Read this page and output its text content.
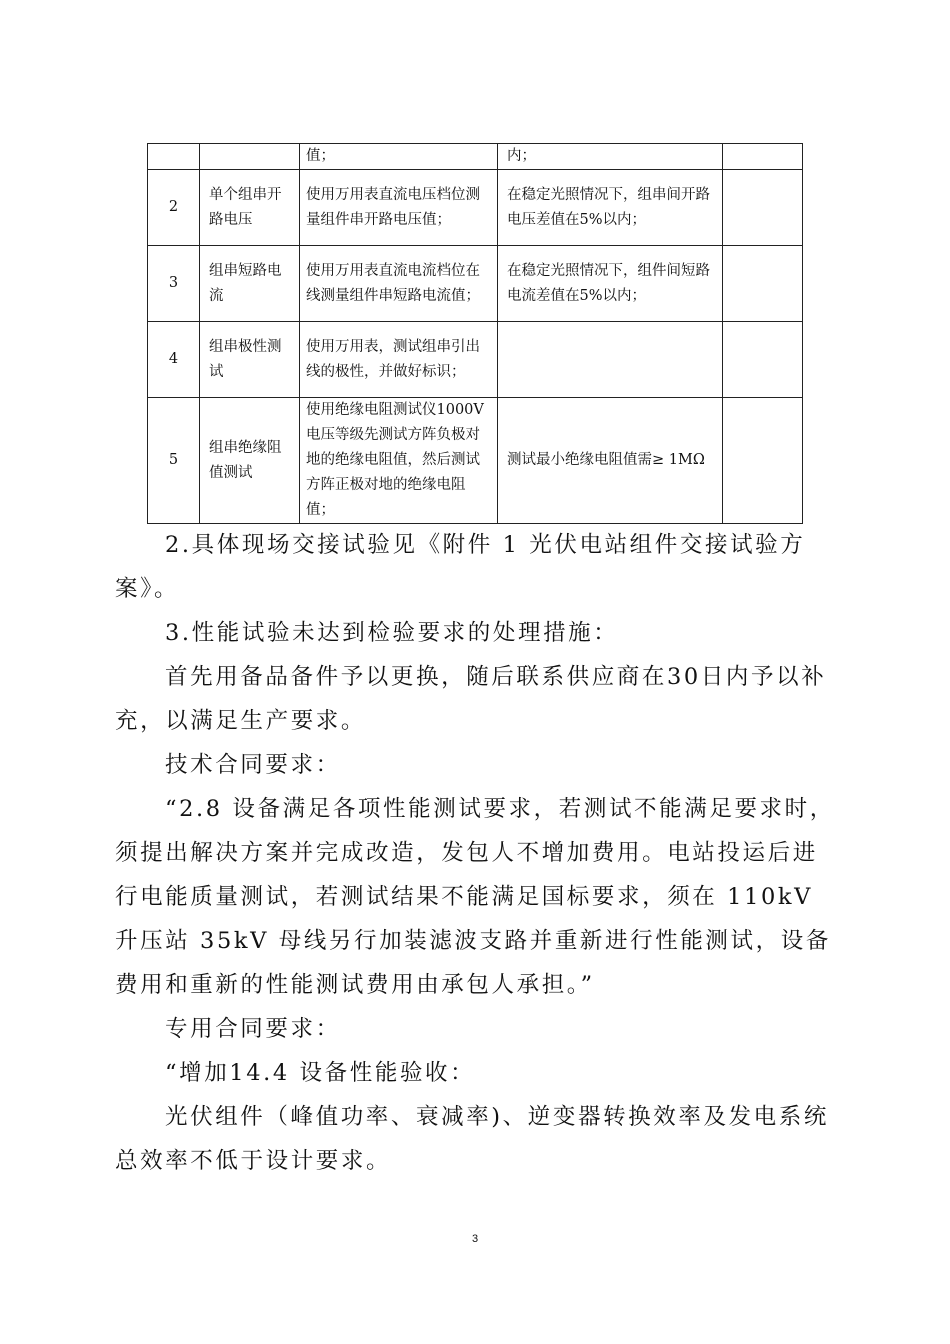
		值；	内；	
2	单个组串开路电压	使用万用表直流电压档位测量组件串开路电压值；	在稳定光照情况下，组串间开路电压差值在5%以内；	
3	组串短路电流	使用万用表直流电流档位在线测量组件串短路电流值；	在稳定光照情况下，组件间短路电流差值在5%以内；	
4	组串极性测试	使用万用表，测试组串引出线的极性，并做好标识；		
5	组串绝缘阻值测试	使用绝缘电阻测试仪1000V 电压等级先测试方阵负极对地的绝缘电阻值，然后测试方阵正极对地的绝缘电阻值；	测试最小绝缘电阻值需≥ 1MΩ	

2.具体现场交接试验见《附件 1 光伏电站组件交接试验方案》。

3.性能试验未达到检验要求的处理措施：

首先用备品备件予以更换，随后联系供应商在30日内予以补充，以满足生产要求。

技术合同要求：

“2.8 设备满足各项性能测试要求，若测试不能满足要求时，须提出解决方案并完成改造，发包人不增加费用。电站投运后进行电能质量测试，若测试结果不能满足国标要求，须在 110kV 升压站 35kV 母线另行加装滤波支路并重新进行性能测试，设备费用和重新的性能测试费用由承包人承担。”

专用合同要求：

“增加14.4 设备性能验收：

光伏组件（峰值功率、衰减率)、逆变器转换效率及发电系统总效率不低于设计要求。

3
